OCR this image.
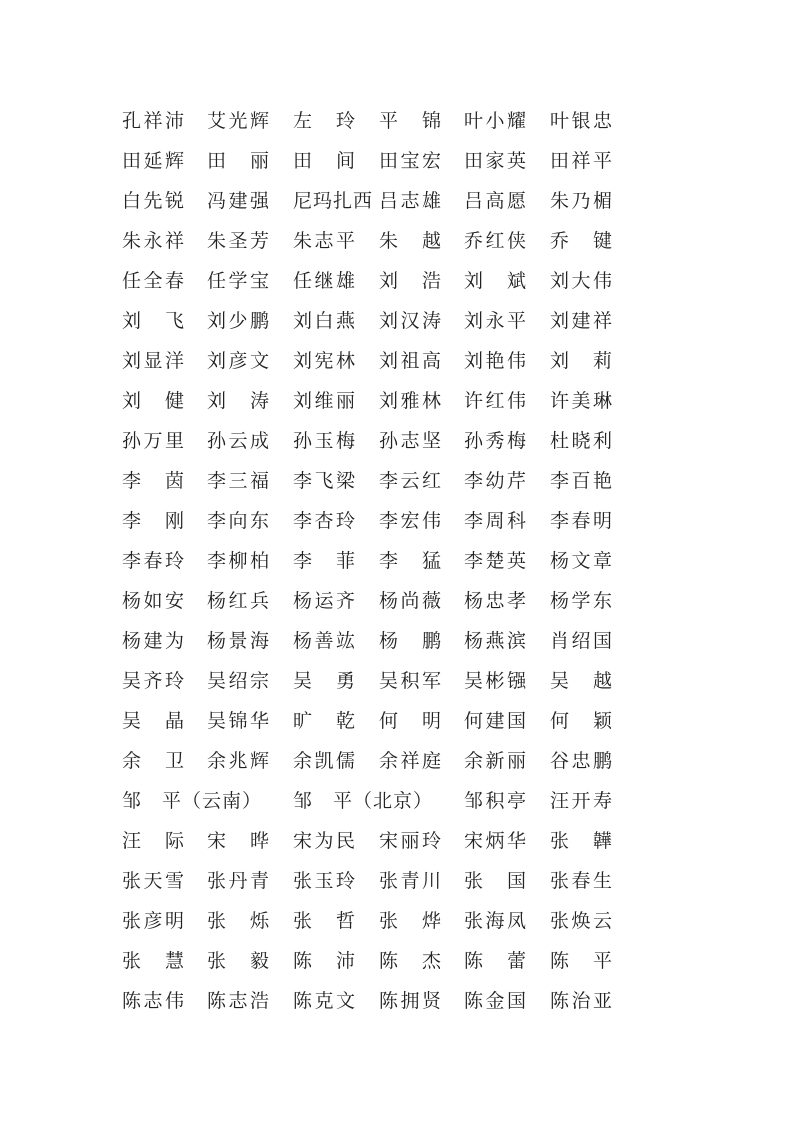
孔 祥 沛 艾 光 辉 左
　 玲 平
　 锦 叶 小 耀 叶 银 忠
田 延 辉 田
　 丽 田
　 间 田 宝 宏 田 家 英 田 祥 平
白 先 锐 冯 建 强 尼玛扎西 吕 志 雄 吕 高 愿 朱 乃 楣
朱 永 祥 朱 圣 芳 朱 志 平 朱
　 越 乔 红 侠 乔
　 键
任 全 春 任 学 宝 任 继 雄 刘
　 浩 刘
　 斌 刘 大 伟
刘
　 飞 刘 少 鹏 刘 白 燕 刘 汉 涛 刘 永 平 刘 建 祥
刘 显 洋 刘 彦 文 刘 宪 林 刘 祖 高 刘 艳 伟 刘
　 莉
刘
　 健 刘
　 涛 刘 维 丽 刘 雅 林 许 红 伟 许 美 琳
孙 万 里 孙 云 成 孙 玉 梅 孙 志 坚 孙 秀 梅 杜 晓 利
李
　 茵 李 三 福 李 飞 梁 李 云 红 李 幼 芹 李 百 艳
李
　 刚 李 向 东 李 杏 玲 李 宏 伟 李 周 科 李 春 明
李 春 玲 李 柳 柏 李
　 菲 李
　 猛 李 楚 英 杨 文 章
杨 如 安 杨 红 兵 杨 运 齐 杨 尚 薇 杨 忠 孝 杨 学 东
杨 建 为 杨 景 海 杨 善 竑 杨
　 鹏 杨 燕 滨 肖 绍 国
吴 齐 玲 吴 绍 宗 吴
　 勇 吴 积 军 吴 彬 镪 吴
　 越
吴
　 晶 吴 锦 华 旷
　 乾 何
　 明 何 建 国 何
　 颖
余
　 卫 余 兆 辉 余 凯 儒 余 祥 庭 余 新 丽 谷 忠 鹏
邹　平（云南）	邹　平（北京）	邹 积 亭 汪 开 寿
汪
　 际 宋
　 晔 宋 为 民 宋 丽 玲 宋 炳 华 张
　 韡
张 天 雪 张 丹 青 张 玉 玲 张 青 川 张
　 国 张 春 生
张 彦 明 张
　 烁 张
　 哲 张
　 烨 张 海 凤 张 焕 云
张
　 慧 张
　 毅 陈
　 沛 陈
　 杰 陈
　 蕾 陈
　 平
陈 志 伟 陈 志 浩 陈 克 文 陈 拥 贤 陈 金 国 陈 治 亚
